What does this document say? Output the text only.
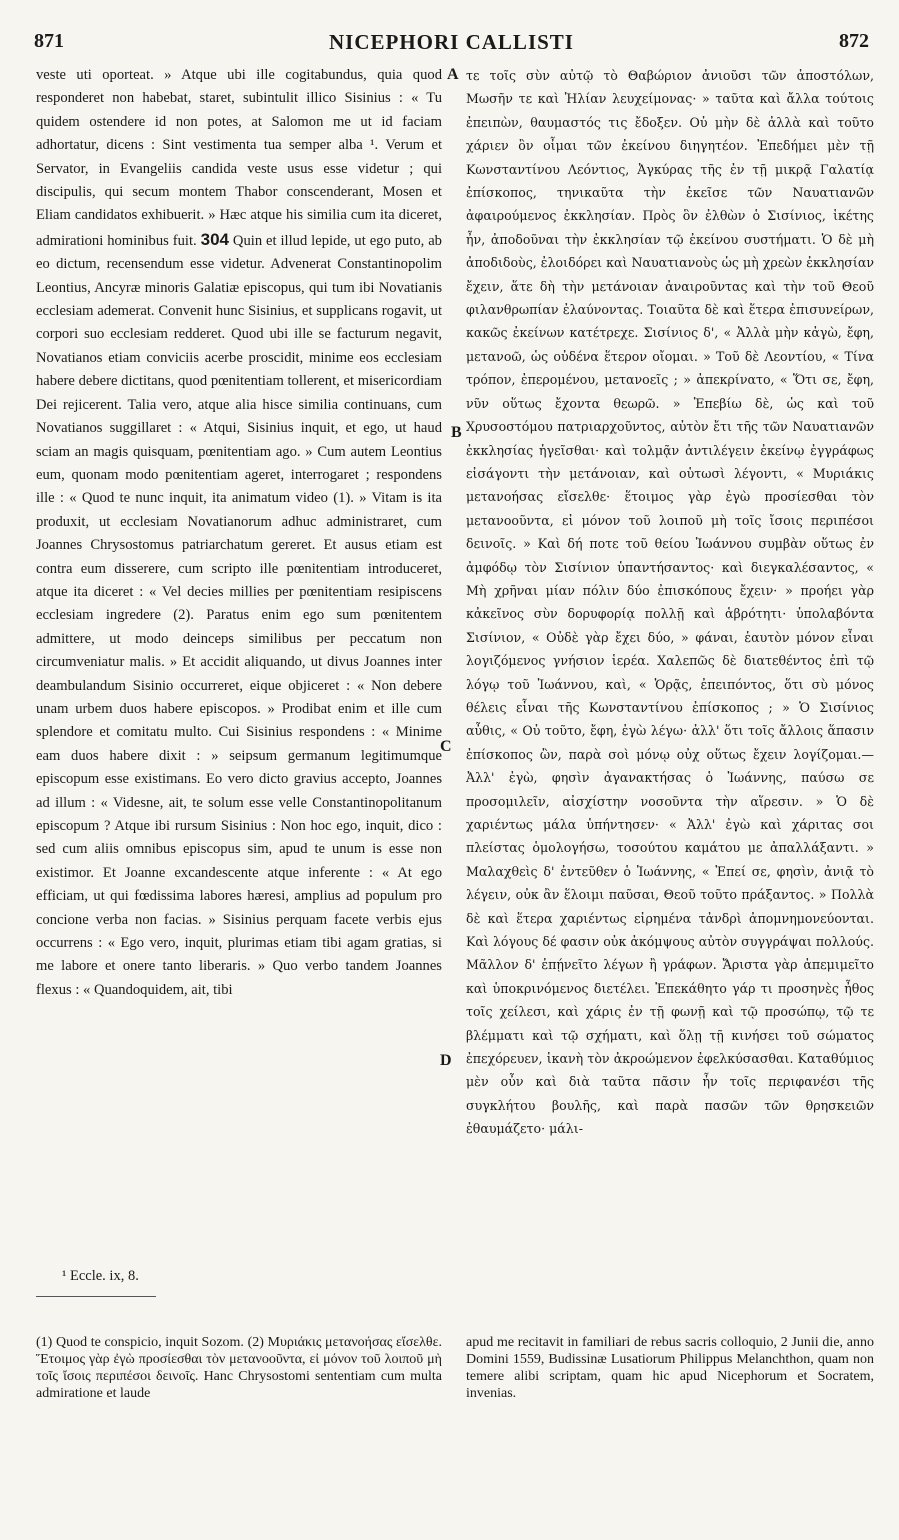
871	NICEPHORI CALLISTI	872

veste uti oporteat. » Atque ubi ille cogitabundus, quia quod responderet non habebat, staret, subintulit illico Sisinius : « Tu quidem ostendere id non potes, at Salomon me ut id faciam adhortatur, dicens : Sint vestimenta tua semper alba ¹. Verum et Servator, in Evangeliis candida veste usus esse videtur ; qui discipulis, qui secum montem Thabor conscenderant, Mosen et Eliam candidatos exhibuerit. » Hæc atque his similia cum ita diceret, admirationi hominibus fuit. 304 Quin et illud lepide, ut ego puto, ab eo dictum, recensendum esse videtur. Advenerat Constantinopolim Leontius, Ancyræ minoris Galatiæ episcopus, qui tum ibi Novatianis ecclesiam ademerat. Convenit hunc Sisinius, et supplicans rogavit, ut corpori suo ecclesiam redderet. Quod ubi ille se facturum negavit, Novatianos etiam conviciis acerbe proscidit, minime eos ecclesiam habere debere dictitans, quod pœnitentiam tollerent, et misericordiam Dei rejicerent. Talia vero, atque alia hisce similia continuans, cum Novatianos suggillaret : « Atqui, Sisinius inquit, et ego, ut haud sciam an magis quisquam, pœnitentiam ago. » Cum autem Leontius eum, quonam modo pœnitentiam ageret, interrogaret ; respondens ille : « Quod te nunc inquit, ita animatum video (1). » Vitam is ita produxit, ut ecclesiam Novatianorum adhuc administraret, cum Joannes Chrysostomus patriarchatum gereret. Et ausus etiam est contra eum disserere, cum scripto ille pœnitentiam introduceret, atque ita diceret : « Vel decies millies per pœnitentiam resipiscens ecclesiam ingredere (2). Paratus enim ego sum pœnitentem admittere, ut modo deinceps similibus per peccatum non circumveniatur malis. » Et accidit aliquando, ut divus Joannes inter deambulandum Sisinio occurreret, eique objiceret : « Non debere unam urbem duos habere episcopos. » Prodibat enim et ille cum splendore et comitatu multo. Cui Sisinius respondens : « Minime eam duos habere dixit : » seipsum germanum legitimumque episcopum esse existimans. Eo vero dicto gravius accepto, Joannes ad illum : « Videsne, ait, te solum esse velle Constantinopolitanum episcopum ? Atque ibi rursum Sisinius : Non hoc ego, inquit, dico : sed cum aliis omnibus episcopus sim, apud te unum is esse non existimor. Et Joanne excandescente atque inferente : « At ego efficiam, ut qui fœdissima labores hæresi, amplius ad populum pro concione verba non facias. » Sisinius perquam facete verbis ejus occurrens : « Ego vero, inquit, plurimas etiam tibi agam gratias, si me labore et onere tanto liberaris. » Quo verbo tandem Joannes flexus : « Quandoquidem, ait, tibi

A
B
C
D

τε τοῖς σὺν αὐτῷ τὸ Θαβώριον ἀνιοῦσι τῶν ἀποστόλων, Μωσῆν τε καὶ Ἠλίαν λευχείμονας· » ταῦτα καὶ ἄλλα τούτοις ἐπειπὼν, θαυμαστός τις ἔδοξεν. Οὐ μὴν δὲ ἀλλὰ καὶ τοῦτο χάριεν ὂν οἶμαι τῶν ἐκείνου διηγητέον. Ἐπεδήμει μὲν τῇ Κωνσταντίνου Λεόντιος, Ἀγκύρας τῆς ἐν τῇ μικρᾷ Γαλατίᾳ ἐπίσκοπος, τηνικαῦτα τὴν ἐκεῖσε τῶν Ναυατιανῶν ἀφαιρούμενος ἐκκλησίαν. Πρὸς ὃν ἐλθὼν ὁ Σισίνιος, ἱκέτης ἦν, ἀποδοῦναι τὴν ἐκκλησίαν τῷ ἐκείνου συστήματι. Ὁ δὲ μὴ ἀποδιδοὺς, ἐλοιδόρει καὶ Ναυατιανοὺς ὡς μὴ χρεὼν ἐκκλησίαν ἔχειν, ἅτε δὴ τὴν μετάνοιαν ἀναιροῦντας καὶ τὴν τοῦ Θεοῦ φιλανθρωπίαν ἐλαύνοντας. Τοιαῦτα δὲ καὶ ἕτερα ἐπισυνείρων, κακῶς ἐκείνων κατέτρεχε. Σισίνιος δ', « Ἀλλὰ μὴν κἀγὼ, ἔφη, μετανοῶ, ὡς οὐδένα ἕτερον οἴομαι. » Τοῦ δὲ Λεοντίου, « Τίνα τρόπον, ἐπερομένου, μετανοεῖς ; » ἀπεκρίνατο, « Ὅτι σε, ἔφη, νῦν οὕτως ἔχοντα θεωρῶ. » Ἐπεβίω δὲ, ὡς καὶ τοῦ Χρυσοστόμου πατριαρχοῦντος, αὐτὸν ἔτι τῆς τῶν Ναυατιανῶν ἐκκλησίας ἡγεῖσθαι· καὶ τολμᾷν ἀντιλέγειν ἐκείνῳ ἐγγράφως εἰσάγοντι τὴν μετάνοιαν, καὶ οὑτωσὶ λέγοντι, « Μυριάκις μετανοήσας εἴσελθε· ἕτοιμος γὰρ ἐγὼ προσίεσθαι τὸν μετανοοῦντα, εἰ μόνον τοῦ λοιποῦ μὴ τοῖς ἴσοις περιπέσοι δεινοῖς. » Καὶ δή ποτε τοῦ θείου Ἰωάννου συμβὰν οὕτως ἐν ἀμφόδῳ τὸν Σισίνιον ὑπαντήσαντος· καὶ διεγκαλέσαντος, « Μὴ χρῆναι μίαν πόλιν δύο ἐπισκόπους ἔχειν· » προήει γὰρ κἀκεῖνος σὺν δορυφορίᾳ πολλῇ καὶ ἁβρότητι· ὑπολαβόντα Σισίνιον, « Οὐδὲ γὰρ ἔχει δύο, » φάναι, ἑαυτὸν μόνον εἶναι λογιζόμενος γνήσιον ἱερέα. Χαλεπῶς δὲ διατεθέντος ἐπὶ τῷ λόγῳ τοῦ Ἰωάννου, καὶ, « Ὁρᾷς, ἐπειπόντος, ὅτι σὺ μόνος θέλεις εἶναι τῆς Κωνσταντίνου ἐπίσκοπος ; » Ὁ Σισίνιος αὖθις, « Οὐ τοῦτο, ἔφη, ἐγὼ λέγω· ἀλλ' ὅτι τοῖς ἄλλοις ἅπασιν ἐπίσκοπος ὢν, παρὰ σοὶ μόνῳ οὐχ οὕτως ἔχειν λογίζομαι.— Ἀλλ' ἐγὼ, φησὶν ἀγανακτήσας ὁ Ἰωάννης, παύσω σε προσομιλεῖν, αἰσχίστην νοσοῦντα τὴν αἵρεσιν. » Ὁ δὲ χαριέντως μάλα ὑπήντησεν· « Ἀλλ' ἐγὼ καὶ χάριτας σοι πλείστας ὁμολογήσω, τοσούτου καμάτου με ἀπαλλάξαντι. » Μαλαχθεὶς δ' ἐντεῦθεν ὁ Ἰωάννης, « Ἐπεί σε, φησὶν, ἀνιᾷ τὸ λέγειν, οὐκ ἂν ἕλοιμι παῦσαι, Θεοῦ τοῦτο πράξαντος. » Πολλὰ δὲ καὶ ἕτερα χαριέντως εἰρημένα τἀνδρὶ ἀπομνημονεύονται. Καὶ λόγους δέ φασιν οὐκ ἀκόμψους αὐτὸν συγγράψαι πολλούς. Μᾶλλον δ' ἐπῄνεῖτο λέγων ἢ γράφων. Ἄριστα γὰρ ἀπεμιμεῖτο καὶ ὑποκρινόμενος διετέλει. Ἐπεκάθητο γάρ τι προσηνὲς ἦθος τοῖς χείλεσι, καὶ χάρις ἐν τῇ φωνῇ καὶ τῷ προσώπῳ, τῷ τε βλέμματι καὶ τῷ σχήματι, καὶ ὅλῃ τῇ κινήσει τοῦ σώματος ἐπεχόρευεν, ἱκανὴ τὸν ἀκροώμενον ἐφελκύσασθαι. Καταθύμιος μὲν οὖν καὶ διὰ ταῦτα πᾶσιν ἦν τοῖς περιφανέσι τῆς συγκλήτου βουλῆς, καὶ παρὰ πασῶν τῶν θρησκειῶν ἐθαυμάζετο· μάλι-

¹ Eccle. ix, 8.
(1) Quod te conspicio, inquit Sozom. (2) Μυριάκις μετανοήσας εἴσελθε. Ἕτοιμος γὰρ ἐγὼ προσίεσθαι τὸν μετανοοῦντα, εἰ μόνον τοῦ λοιποῦ μὴ τοῖς ἴσοις περιπέσοι δεινοῖς. Hanc Chrysostomi sententiam cum multa admiratione et laude
apud me recitavit in familiari de rebus sacris colloquio, 2 Junii die, anno Domini 1559, Budissinæ Lusatiorum Philippus Melanchthon, quam non temere alibi scriptam, quam hic apud Nicephorum et Socratem, invenias.
